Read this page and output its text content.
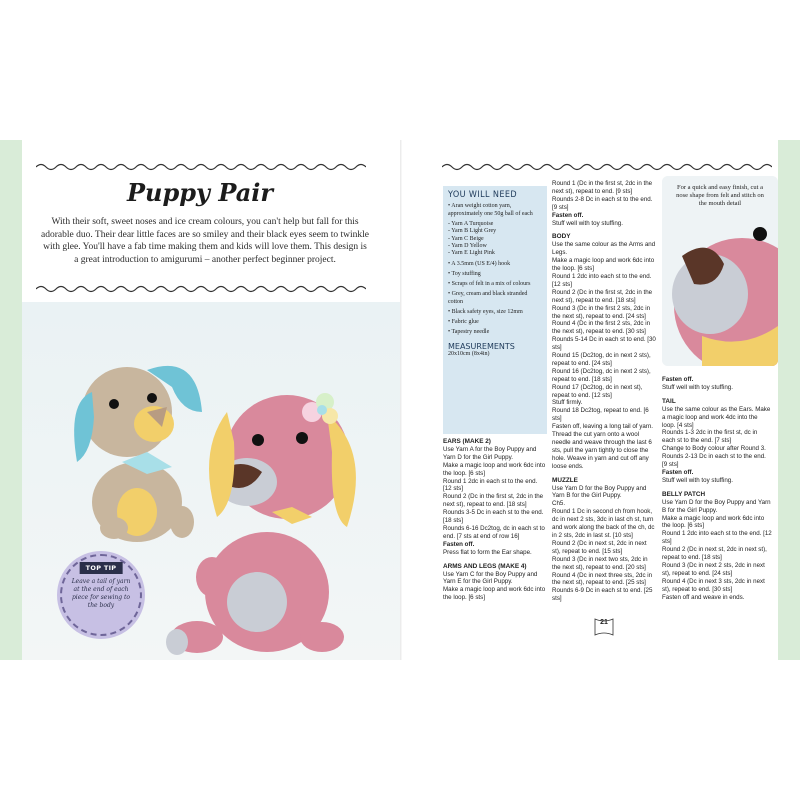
Puppy Pair
With their soft, sweet noses and ice cream colours, you can't help but fall for this adorable duo. Their dear little faces are so smiley and their black eyes seem to twinkle with glee. You'll have a fab time making them and kids will love them. This design is a great introduction to amigurumi – another perfect beginner project.
TOP TIP
Leave a tail of yarn at the end of each piece for sewing to the body
YOU WILL NEED
• Aran weight cotton yarn, approximately one 50g ball of each
- Yarn A Turquoise
- Yarn B Light Grey
- Yarn C Beige
- Yarn D Yellow
- Yarn E Light Pink
• A 3.5mm (US E/4) hook
• Toy stuffing
• Scraps of felt in a mix of colours
• Grey, cream and black stranded cotton
• Black safety eyes, size 12mm
• Fabric glue
• Tapestry needle
MEASUREMENTS
20x10cm (8x4in)
EARS (MAKE 2)

Use Yarn A for the Boy Puppy and Yarn D for the Girl Puppy.

Make a magic loop and work 6dc into the loop. [6 sts]

Round 1 2dc in each st to the end. [12 sts]

Round 2 (Dc in the first st, 2dc in the next st), repeat to end. [18 sts]

Rounds 3-5 Dc in each st to the end. [18 sts]

Rounds 6-16 Dc2tog, dc in each st to end. [7 sts at end of row 16]

Fasten off.

Press flat to form the Ear shape.

ARMS AND LEGS (MAKE 4)

Use Yarn C for the Boy Puppy and Yarn E for the Girl Puppy.

Make a magic loop and work 6dc into the loop. [6 sts]

Round 1 (Dc in the first st, 2dc in the next st), repeat to end. [9 sts]

Rounds 2-8 Dc in each st to the end. [9 sts]

Fasten off.

Stuff well with toy stuffing.

BODY

Use the same colour as the Arms and Legs.

Make a magic loop and work 6dc into the loop. [6 sts]

Round 1 2dc into each st to the end. [12 sts]

Round 2 (Dc in the first st, 2dc in the next st), repeat to end. [18 sts]

Round 3 (Dc in the first 2 sts, 2dc in the next st), repeat to end. [24 sts]

Round 4 (Dc in the first 2 sts, 2dc in the next st), repeat to end. [30 sts]

Rounds 5-14 Dc in each st to end. [30 sts]

Round 15 (Dc2tog, dc in next 2 sts), repeat to end. [24 sts]

Round 16 (Dc2tog, dc in next 2 sts), repeat to end. [18 sts]

Round 17 (Dc2tog, dc in next st), repeat to end. [12 sts]

Stuff firmly.

Round 18 Dc2tog, repeat to end. [6 sts]

Fasten off, leaving a long tail of yarn. Thread the cut yarn onto a wool needle and weave through the last 6 sts, pull the yarn tightly to close the hole. Weave in yarn and cut off any loose ends.

MUZZLE

Use Yarn D for the Boy Puppy and Yarn B for the Girl Puppy.

Ch5.

Round 1 Dc in second ch from hook, dc in next 2 sts, 3dc in last ch st, turn and work along the back of the ch, dc in 2 sts, 2dc in last st. [10 sts]

Round 2 (Dc in next st, 2dc in next st), repeat to end. [15 sts]

Round 3 (Dc in next two sts, 2dc in the next st), repeat to end. [20 sts]

Round 4 (Dc in next three sts, 2dc in the next st), repeat to end. [25 sts]

Rounds 6-9 Dc in each st to end. [25 sts]

For a quick and easy finish, cut a nose shape from felt and stitch on the mouth detail

Fasten off.

Stuff well with toy stuffing.

TAIL

Use the same colour as the Ears. Make a magic loop and work 4dc into the loop. [4 sts]

Rounds 1-3 2dc in the first st, dc in each st to the end. [7 sts]

Change to Body colour after Round 3.

Rounds 2-13 Dc in each st to the end. [9 sts]

Fasten off.

Stuff well with toy stuffing.

BELLY PATCH

Use Yarn D for the Boy Puppy and Yarn B for the Girl Puppy.

Make a magic loop and work 6dc into the loop. [6 sts]

Round 1 2dc into each st to the end. [12 sts]

Round 2 (Dc in next st, 2dc in next st), repeat to end. [18 sts]

Round 3 (Dc in next 2 sts, 2dc in next st), repeat to end. [24 sts]

Round 4 (Dc in next 3 sts, 2dc in next st), repeat to end. [30 sts]

Fasten off and weave in ends.

21
